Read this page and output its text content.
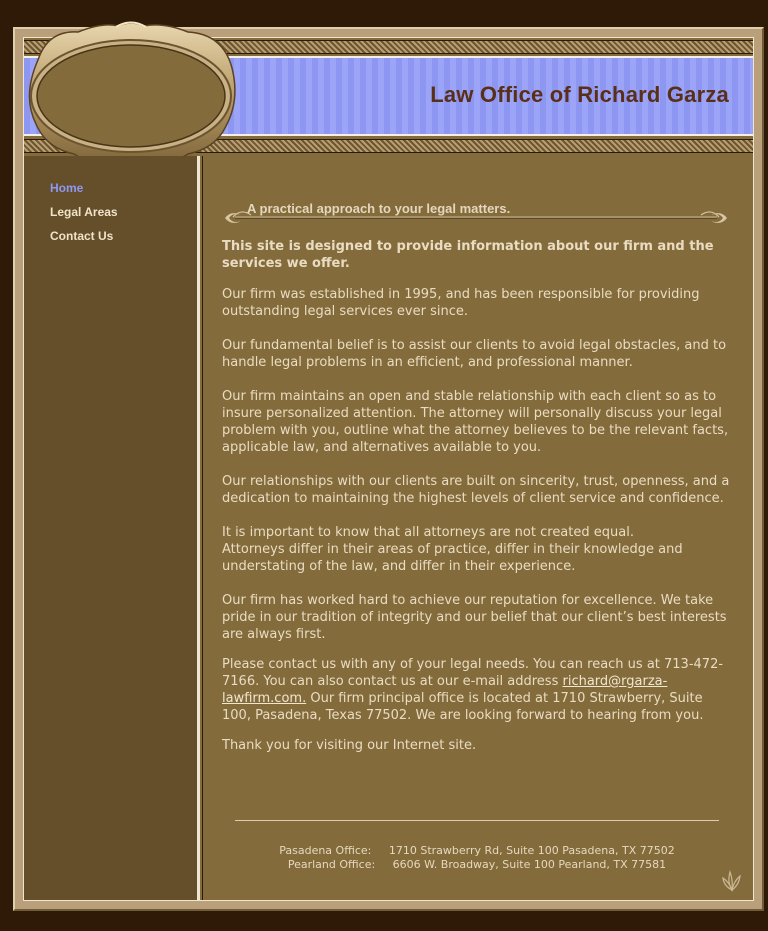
Law Office of Richard Garza
Home
Legal Areas
Contact Us
A practical approach to your legal matters.

This site is designed to provide information about our firm and the services we offer.

Our firm was established in 1995, and has been responsible for providing outstanding legal services ever since.

Our fundamental belief is to assist our clients to avoid legal obstacles, and to handle legal problems in an efficient, and professional manner.

Our firm maintains an open and stable relationship with each client so as to insure personalized attention. The attorney will personally discuss your legal problem with you, outline what the attorney believes to be the relevant facts, applicable law, and alternatives available to you.

Our relationships with our clients are built on sincerity, trust, openness, and a dedication to maintaining the highest levels of client service and confidence.

It is important to know that all attorneys are not created equal.
Attorneys differ in their areas of practice, differ in their knowledge and understating of the law, and differ in their experience.

Our firm has worked hard to achieve our reputation for excellence. We take pride in our tradition of integrity and our belief that our client’s best interests are always first.

Please contact us with any of your legal needs. You can reach us at 713-472-7166. You can also contact us at our e-mail address richard@rgarza-lawfirm.com. Our firm principal office is located at 1710 Strawberry, Suite 100, Pasadena, Texas 77502. We are looking forward to hearing from you.

Thank you for visiting our Internet site.

Pasadena Office: 1710 Strawberry Rd, Suite 100 Pasadena, TX 77502
Pearland Office: 6606 W. Broadway, Suite 100 Pearland, TX 77581
